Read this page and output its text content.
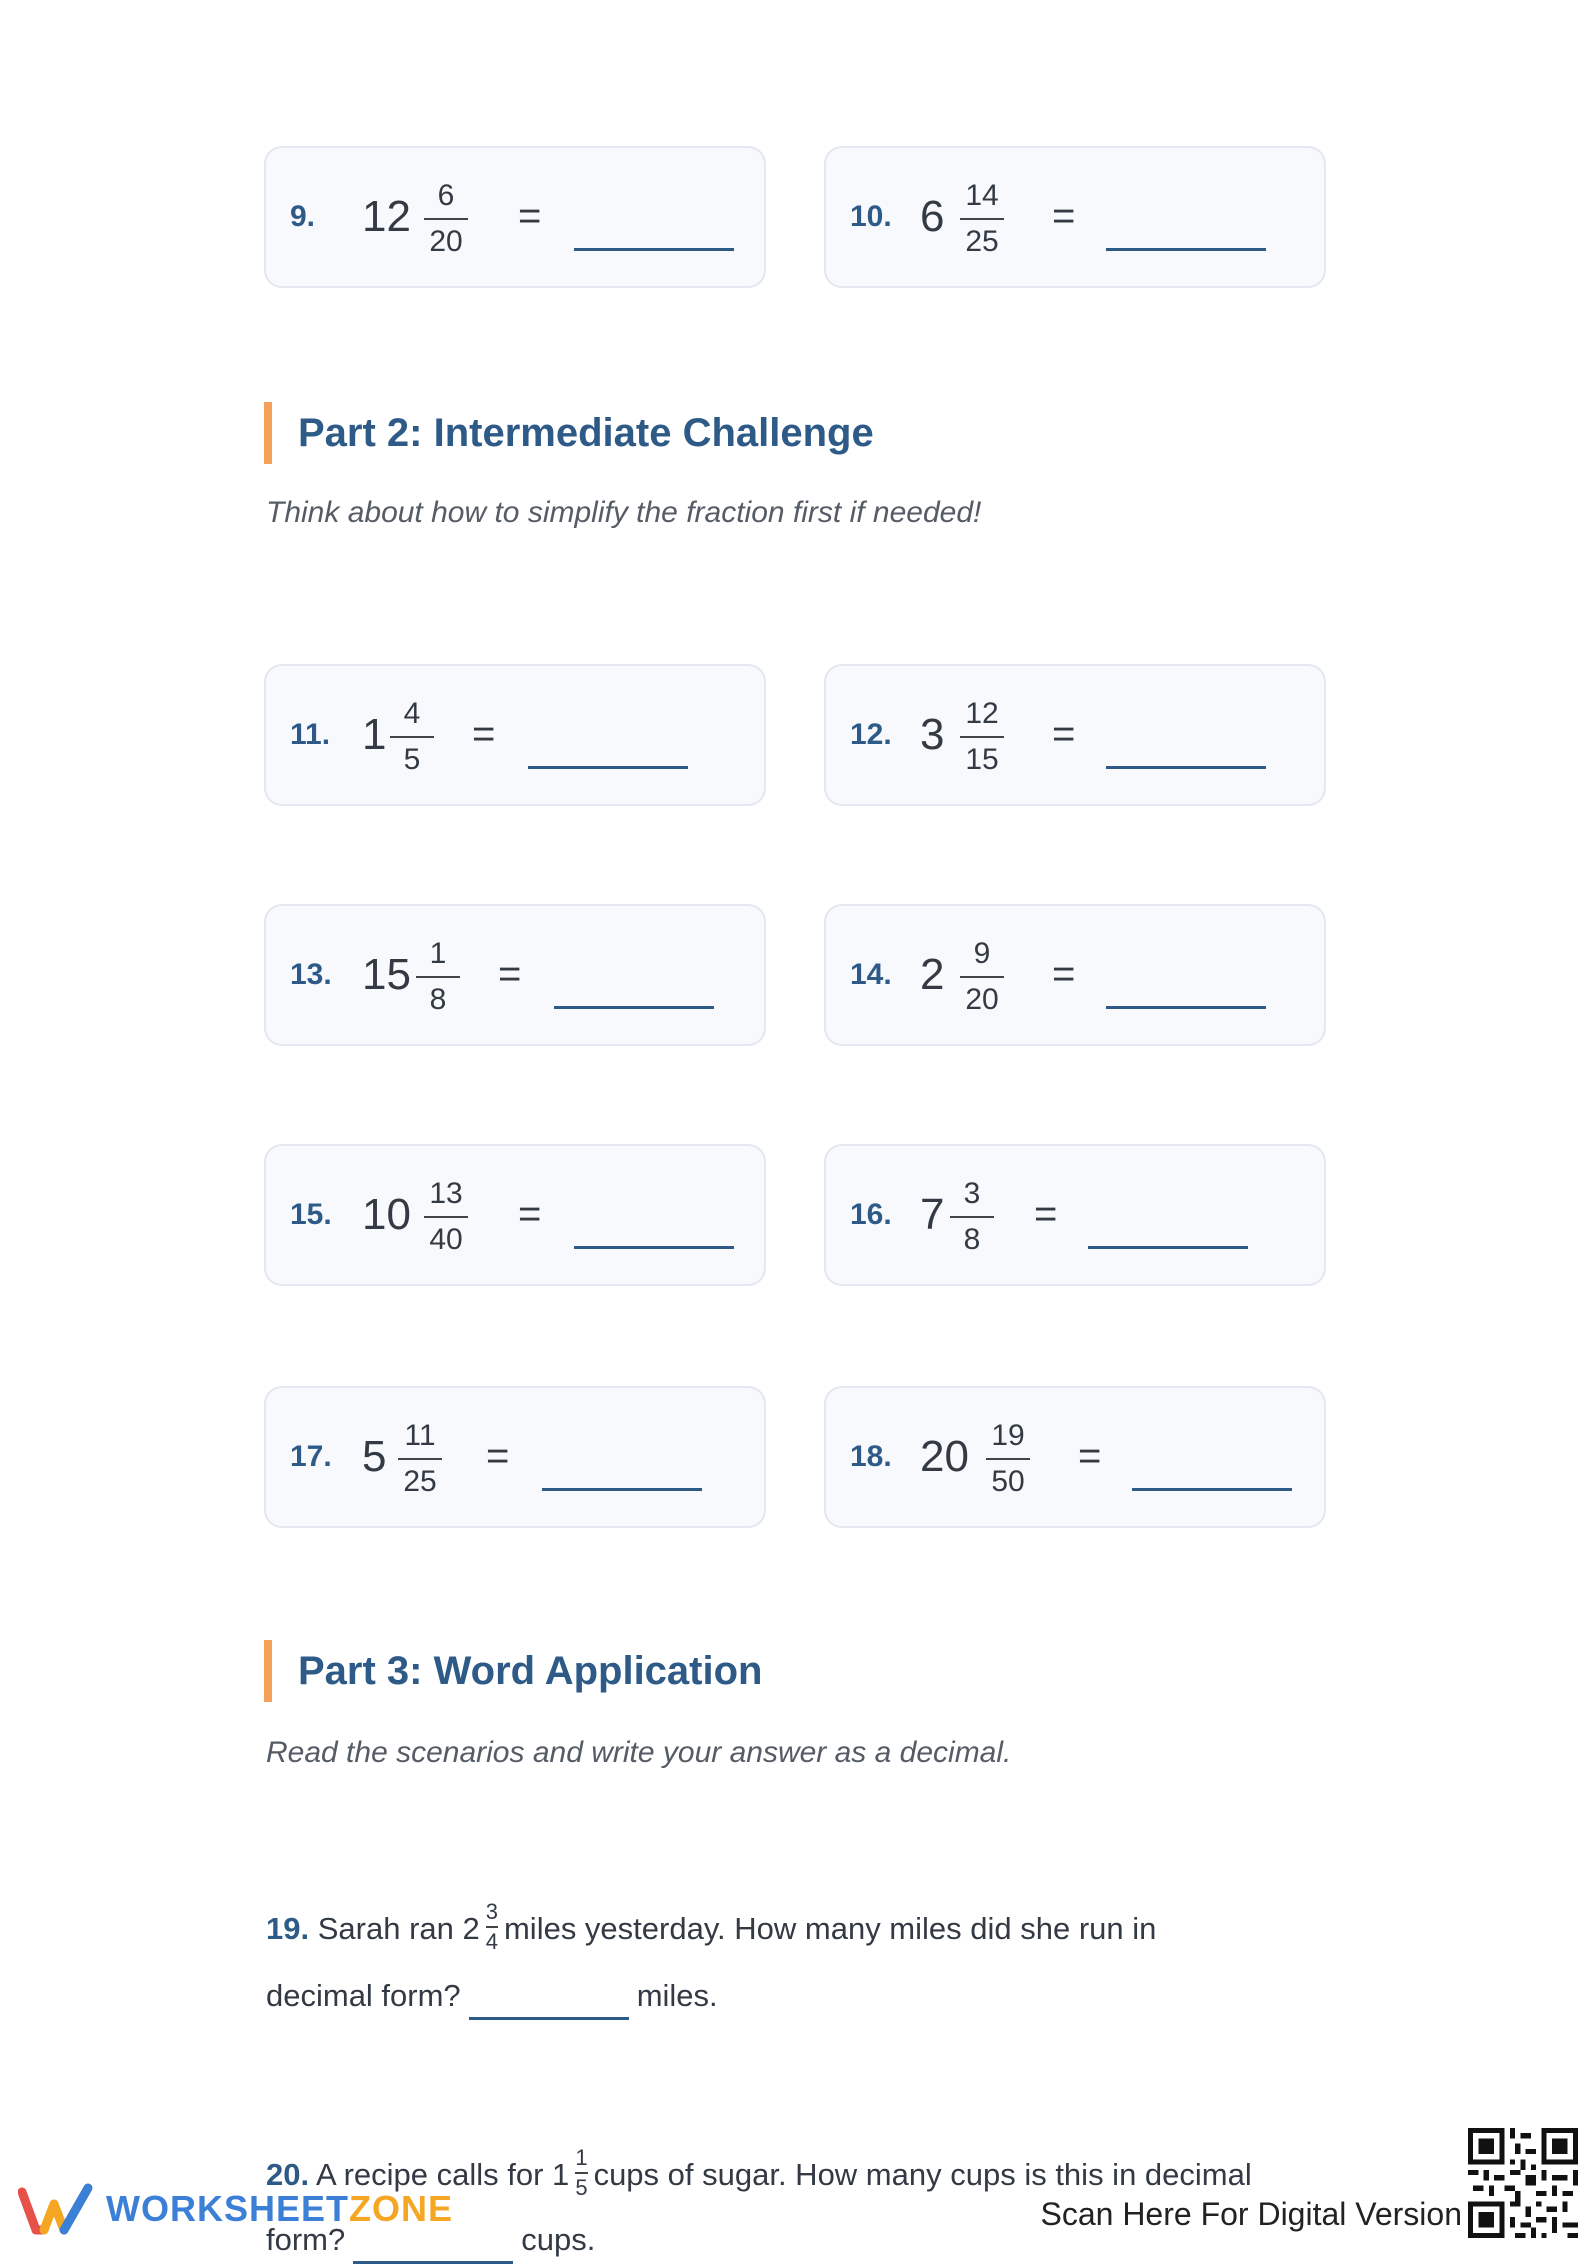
9. 12 6
20
=	10. 6 14
25
=
Part 2: Intermediate Challenge
Think about how to simplify the fraction first if needed!
11. 1 4
5
=	12. 3 12
15
=
13. 15 1
8
=	14. 2 9
20
=
15. 10 13
40
=	16. 7 3
8
=
17. 5 11
25
=	18. 20 19
50
=
Part 3: Word Application
Read the scenarios and write your answer as a decimal.
19. Sarah ran $2 \frac{3}{4}$ miles yesterday. How many miles did she run in
decimal form?	miles.
20. A recipe calls for $1 \frac{1}{5}$ cups of sugar. How many cups is this in decimal
form?	cups.
WORKSHEETZONE	Scan Here For Digital Version
